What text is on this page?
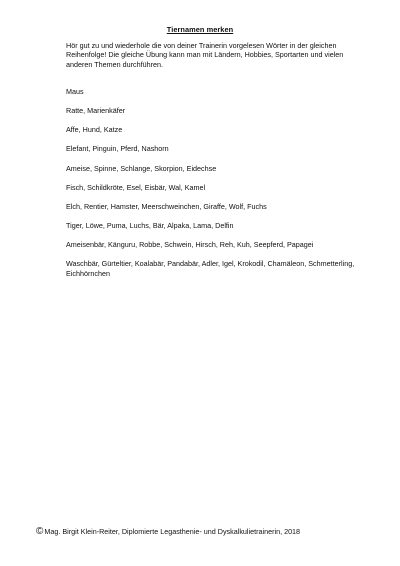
Tiernamen merken
Hör gut zu und wiederhole die von deiner Trainerin vorgelesen Wörter in der gleichen Reihenfolge! Die gleiche Übung kann man mit Ländern, Hobbies, Sportarten und vielen anderen Themen durchführen.
Maus
Ratte, Marienkäfer
Affe, Hund, Katze
Elefant, Pinguin, Pferd, Nashorn
Ameise, Spinne, Schlange, Skorpion, Eidechse
Fisch, Schildkröte, Esel, Eisbär, Wal, Kamel
Elch, Rentier, Hamster, Meerschweinchen, Giraffe, Wolf, Fuchs
Tiger, Löwe, Puma, Luchs, Bär, Alpaka, Lama, Delfin
Ameisenbär, Känguru, Robbe, Schwein, Hirsch, Reh, Kuh, Seepferd, Papagei
Waschbär, Gürteltier, Koalabär, Pandabär, Adler, Igel, Krokodil, Chamäleon, Schmetterling, Eichhörnchen
© Mag. Birgit Klein-Reiter, Diplomierte Legasthenie- und Dyskalkulietrainerin, 2018
